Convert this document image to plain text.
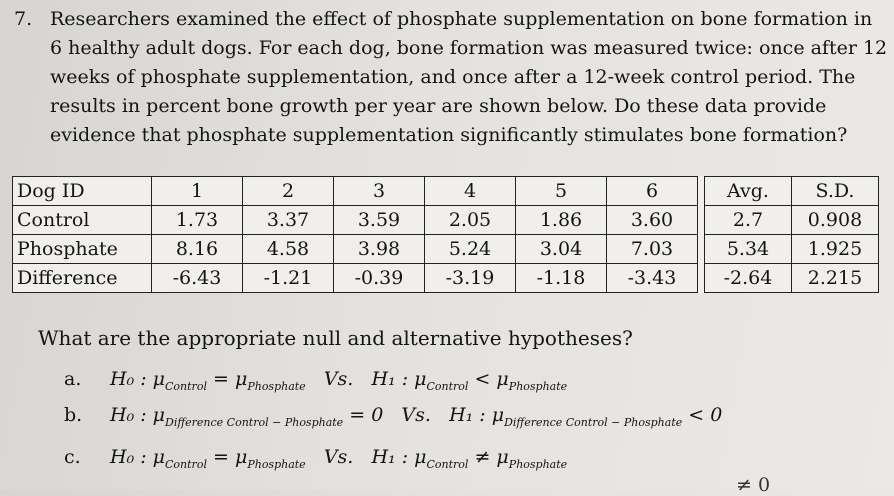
7. Researchers examined the effect of phosphate supplementation on bone formation in
6 healthy adult dogs. For each dog, bone formation was measured twice: once after 12
weeks of phosphate supplementation, and once after a 12-week control period. The
results in percent bone growth per year are shown below. Do these data provide
evidence that phosphate supplementation significantly stimulates bone formation?
Dog ID	1	2	3	4	5	6		Avg.	S.D.
Control	1.73	3.37	3.59	2.05	1.86	3.60		2.7	0.908
Phosphate	8.16	4.58	3.98	5.24	3.04	7.03		5.34	1.925
Difference	-6.43	-1.21	-0.39	-3.19	-1.18	-3.43		-2.64	2.215
What are the appropriate null and alternative hypotheses?
a. H₀ : $\mu_{Control} = \mu_{Phosphate}$ Vs. H₁ : $\mu_{Control} < \mu_{Phosphate}$
b. H₀ : $\mu_{Difference Control - Phosphate} = 0$ Vs. H₁ : $\mu_{Difference Control - Phosphate} < 0$
c. H₀ : $\mu_{Control} = \mu_{Phosphate}$ Vs. H₁ : $\mu_{Control} \ne \mu_{Phosphate}$
≠ 0
